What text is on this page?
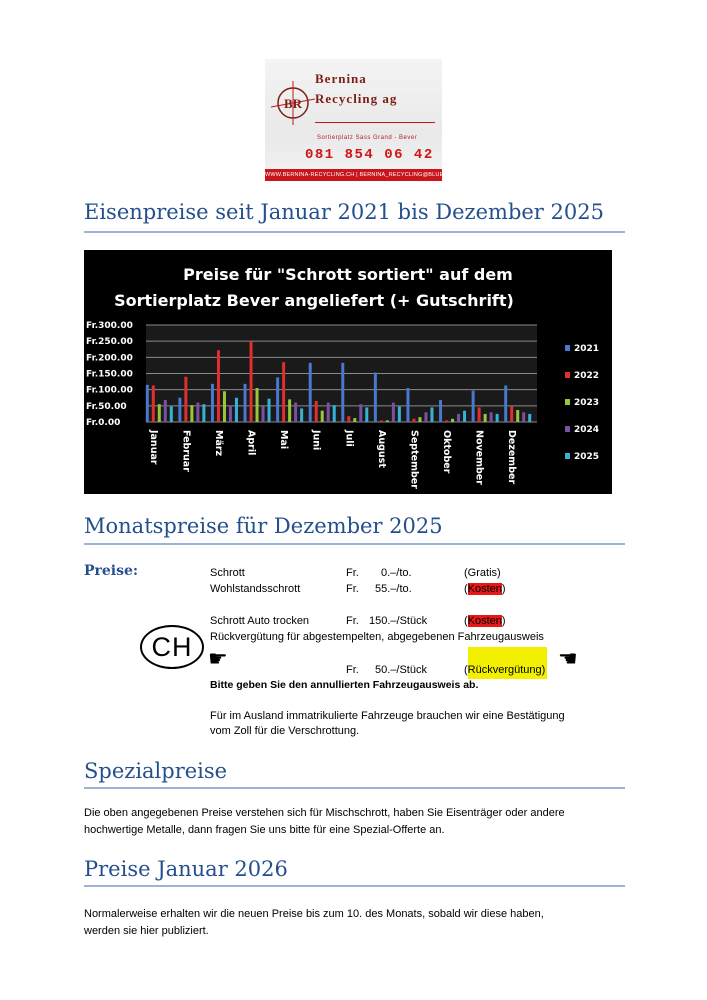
BR
Bernina
Recycling ag
Sortierplatz Sass Grand - Bever
081 854 06 42
WWW.BERNINA-RECYCLING.CH | BERNINA_RECYCLING@BLUEWIN.CH
Eisenpreise seit Januar 2021 bis Dezember 2025
Preise für "Schrott sortiert" auf dem
Sortierplatz Bever angeliefert (+ Gutschrift)
Fr.300.00
Fr.250.00
Fr.200.00
Fr.150.00
Fr.100.00
Fr.50.00
Fr.0.00
Januar Februar März April Mai Juni Juli August September Oktober November Dezember
2021
2022
2023
2024
2025
Monatspreise für Dezember 2025
Preise:	Schrott	Fr. 0.–/to.	(Gratis)
Wohlstandsschrott	Fr. 55.–/to.	(Kosten)
Schrott Auto trocken	Fr. 150.–/Stück	(Kosten)
CH	Rückvergütung für abgestempelten, abgegebenen Fahrzeugausweis
☛	Fr. 50.–/Stück	(Rückvergütung) ☚
Bitte geben Sie den annullierten Fahrzeugausweis ab.
Für im Ausland immatrikulierte Fahrzeuge brauchen wir eine Bestätigung
vom Zoll für die Verschrottung.
Spezialpreise
Die oben angegebenen Preise verstehen sich für Mischschrott, haben Sie Eisenträger oder andere
hochwertige Metalle, dann fragen Sie uns bitte für eine Spezial-Offerte an.
Preise Januar 2026
Normalerweise erhalten wir die neuen Preise bis zum 10. des Monats, sobald wir diese haben,
werden sie hier publiziert.
